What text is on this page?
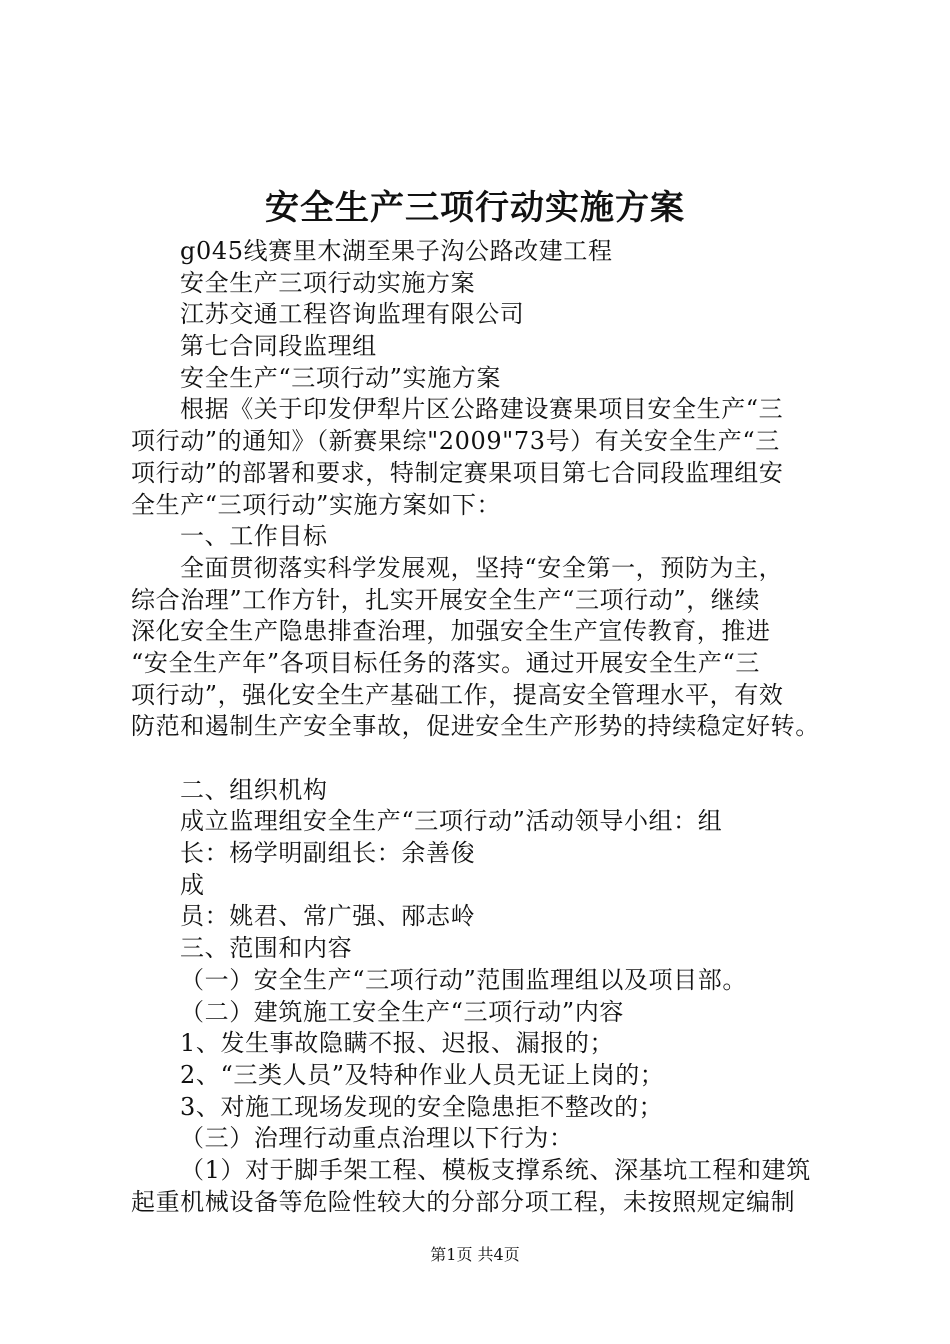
安全生产三项行动实施方案
g045线赛里木湖至果子沟公路改建工程
安全生产三项行动实施方案
江苏交通工程咨询监理有限公司
第七合同段监理组
安全生产“三项行动”实施方案
根据《关于印发伊犁片区公路建设赛果项目安全生产“三
项行动”的通知》（新赛果综"2009"73号）有关安全生产“三
项行动”的部署和要求，特制定赛果项目第七合同段监理组安
全生产“三项行动”实施方案如下：
一、工作目标
全面贯彻落实科学发展观，坚持“安全第一，预防为主，
综合治理”工作方针，扎实开展安全生产“三项行动”，继续
深化安全生产隐患排查治理，加强安全生产宣传教育，推进
“安全生产年”各项目标任务的落实。通过开展安全生产“三
项行动”，强化安全生产基础工作，提高安全管理水平，有效
防范和遏制生产安全事故，促进安全生产形势的持续稳定好转。
二、组织机构
成立监理组安全生产“三项行动”活动领导小组：组
长：杨学明副组长：余善俊
成
员：姚君、常广强、邴志岭
三、范围和内容
（一）安全生产“三项行动”范围监理组以及项目部。
（二）建筑施工安全生产“三项行动”内容
1、发生事故隐瞒不报、迟报、漏报的；
2、“三类人员”及特种作业人员无证上岗的；
3、对施工现场发现的安全隐患拒不整改的；
（三）治理行动重点治理以下行为：
（1）对于脚手架工程、模板支撑系统、深基坑工程和建筑
起重机械设备等危险性较大的分部分项工程，未按照规定编制
第1页 共4页
